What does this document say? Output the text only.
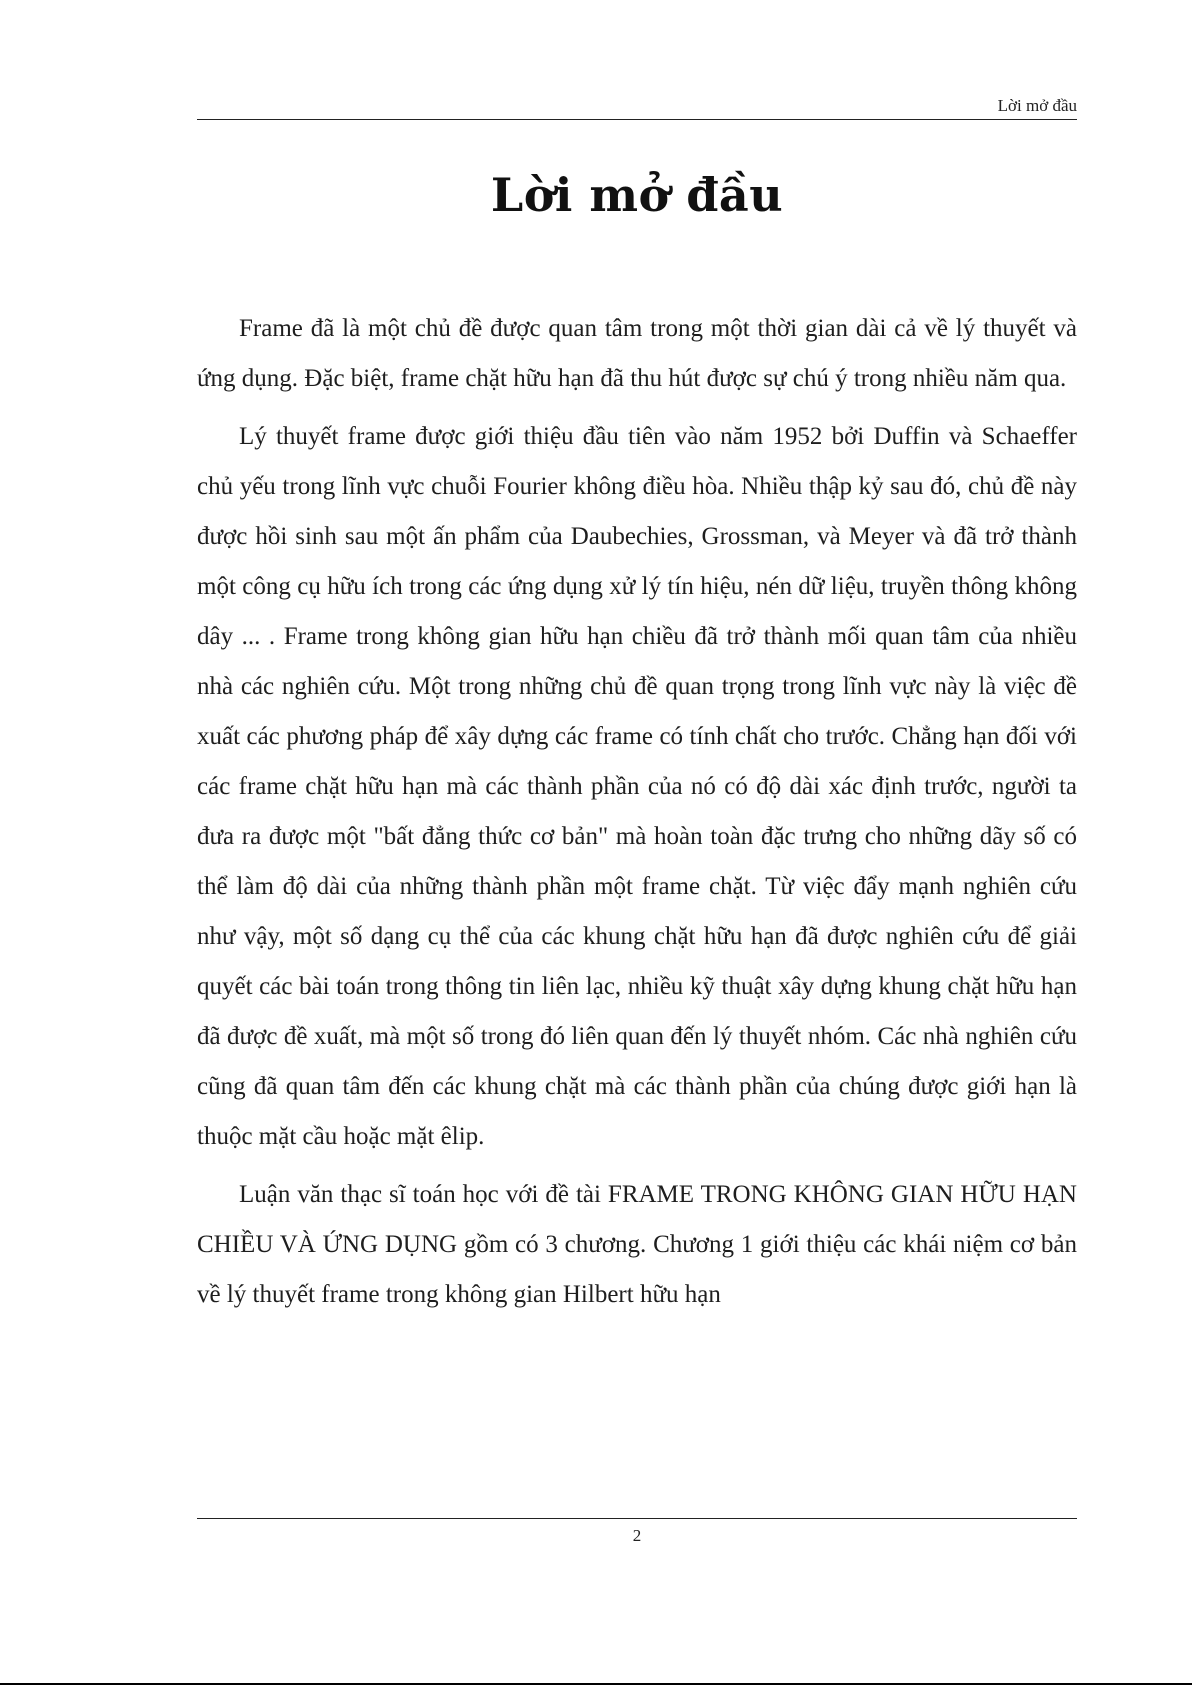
Lời mở đầu
Lời mở đầu

Frame đã là một chủ đề được quan tâm trong một thời gian dài cả về lý thuyết và ứng dụng. Đặc biệt, frame chặt hữu hạn đã thu hút được sự chú ý trong nhiều năm qua.

Lý thuyết frame được giới thiệu đầu tiên vào năm 1952 bởi Duffin và Schaeffer chủ yếu trong lĩnh vực chuỗi Fourier không điều hòa. Nhiều thập kỷ sau đó, chủ đề này được hồi sinh sau một ấn phẩm của Daubechies, Grossman, và Meyer và đã trở thành một công cụ hữu ích trong các ứng dụng xử lý tín hiệu, nén dữ liệu, truyền thông không dây ... . Frame trong không gian hữu hạn chiều đã trở thành mối quan tâm của nhiều nhà các nghiên cứu. Một trong những chủ đề quan trọng trong lĩnh vực này là việc đề xuất các phương pháp để xây dựng các frame có tính chất cho trước. Chẳng hạn đối với các frame chặt hữu hạn mà các thành phần của nó có độ dài xác định trước, người ta đưa ra được một "bất đẳng thức cơ bản" mà hoàn toàn đặc trưng cho những dãy số có thể làm độ dài của những thành phần một frame chặt. Từ việc đẩy mạnh nghiên cứu như vậy, một số dạng cụ thể của các khung chặt hữu hạn đã được nghiên cứu để giải quyết các bài toán trong thông tin liên lạc, nhiều kỹ thuật xây dựng khung chặt hữu hạn đã được đề xuất, mà một số trong đó liên quan đến lý thuyết nhóm. Các nhà nghiên cứu cũng đã quan tâm đến các khung chặt mà các thành phần của chúng được giới hạn là thuộc mặt cầu hoặc mặt êlip.

Luận văn thạc sĩ toán học với đề tài FRAME TRONG KHÔNG GIAN HỮU HẠN CHIỀU VÀ ỨNG DỤNG gồm có 3 chương. Chương 1 giới thiệu các khái niệm cơ bản về lý thuyết frame trong không gian Hilbert hữu hạn

2
